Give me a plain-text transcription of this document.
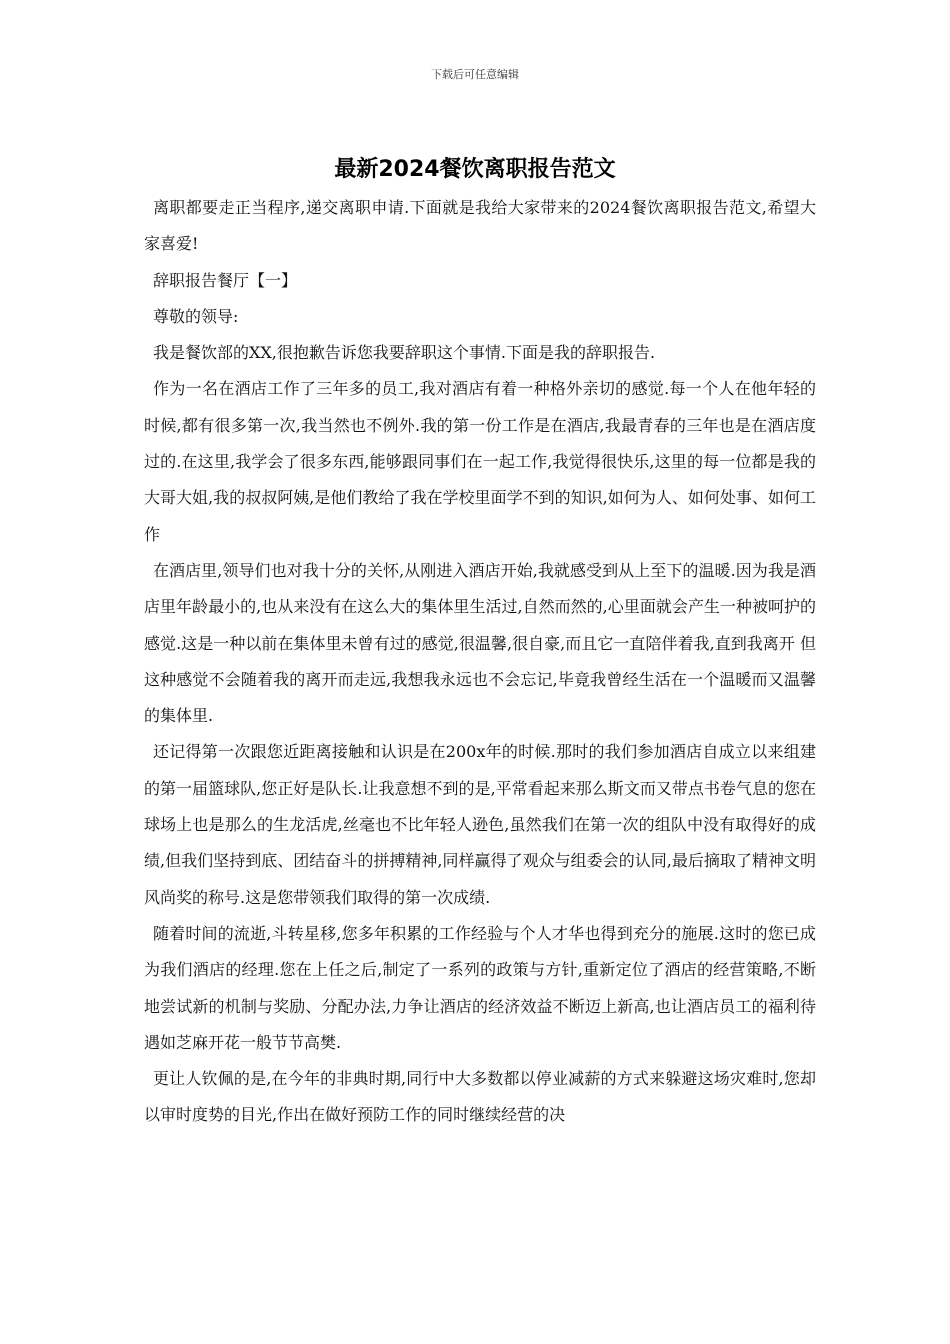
下载后可任意编辑
最新2024餐饮离职报告范文

离职都要走正当程序,递交离职申请.下面就是我给大家带来的2024餐饮离职报告范文,希望大家喜爱!

辞职报告餐厅【一】

尊敬的领导:

我是餐饮部的XX,很抱歉告诉您我要辞职这个事情.下面是我的辞职报告.

作为一名在酒店工作了三年多的员工,我对酒店有着一种格外亲切的感觉.每一个人在他年轻的时候,都有很多第一次,我当然也不例外.我的第一份工作是在酒店,我最青春的三年也是在酒店度过的.在这里,我学会了很多东西,能够跟同事们在一起工作,我觉得很快乐,这里的每一位都是我的大哥大姐,我的叔叔阿姨,是他们教给了我在学校里面学不到的知识,如何为人、如何处事、如何工作

在酒店里,领导们也对我十分的关怀,从刚进入酒店开始,我就感受到从上至下的温暖.因为我是酒店里年龄最小的,也从来没有在这么大的集体里生活过,自然而然的,心里面就会产生一种被呵护的感觉.这是一种以前在集体里未曾有过的感觉,很温馨,很自豪,而且它一直陪伴着我,直到我离开 但这种感觉不会随着我的离开而走远,我想我永远也不会忘记,毕竟我曾经生活在一个温暖而又温馨的集体里.

还记得第一次跟您近距离接触和认识是在200x年的时候.那时的我们参加酒店自成立以来组建的第一届篮球队,您正好是队长.让我意想不到的是,平常看起来那么斯文而又带点书卷气息的您在球场上也是那么的生龙活虎,丝毫也不比年轻人逊色,虽然我们在第一次的组队中没有取得好的成绩,但我们坚持到底、团结奋斗的拼搏精神,同样赢得了观众与组委会的认同,最后摘取了精神文明风尚奖的称号.这是您带领我们取得的第一次成绩.

随着时间的流逝,斗转星移,您多年积累的工作经验与个人才华也得到充分的施展.这时的您已成为我们酒店的经理.您在上任之后,制定了一系列的政策与方针,重新定位了酒店的经营策略,不断地尝试新的机制与奖励、分配办法,力争让酒店的经济效益不断迈上新高,也让酒店员工的福利待遇如芝麻开花一般节节高樊.

更让人钦佩的是,在今年的非典时期,同行中大多数都以停业减薪的方式来躲避这场灾难时,您却以审时度势的目光,作出在做好预防工作的同时继续经营的决
